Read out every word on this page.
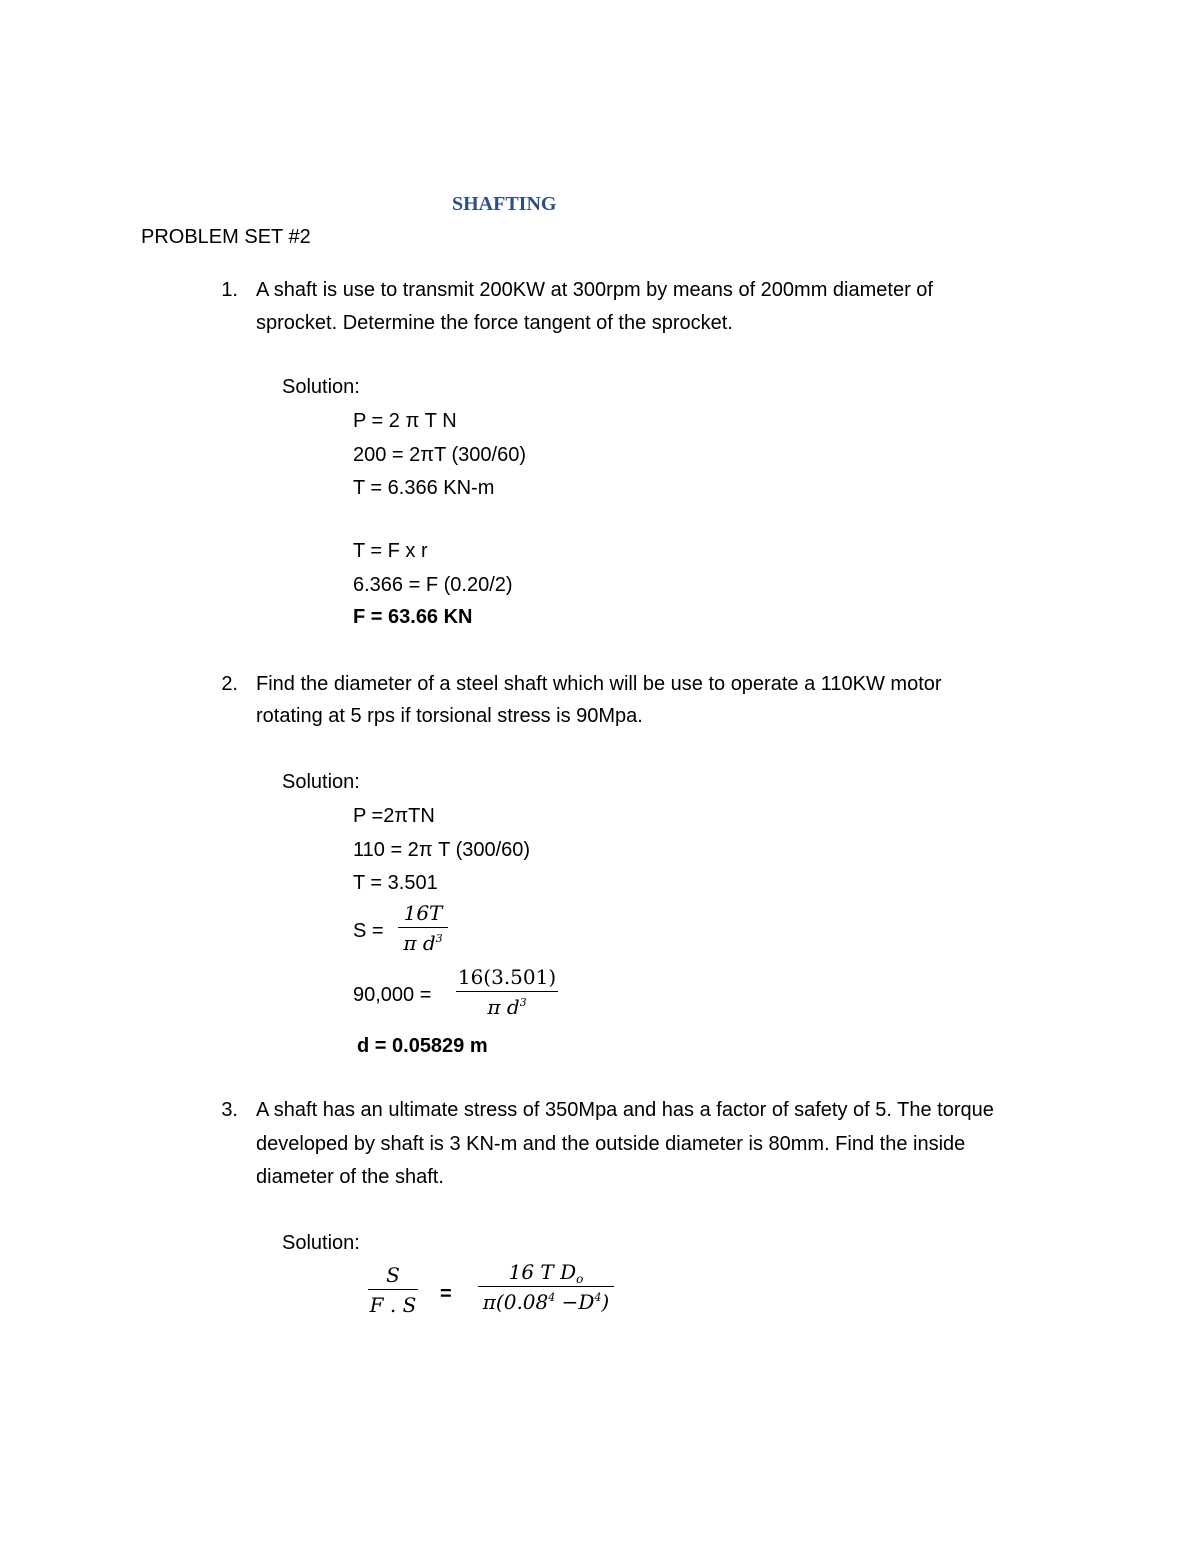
SHAFTING
PROBLEM SET #2
1. A shaft is use to transmit 200KW at 300rpm by means of 200mm diameter of
sprocket. Determine the force tangent of the sprocket.
Solution:
P = 2 π T N
200 = 2πT (300/60)
T = 6.366 KN-m
T = F x r
6.366 = F (0.20/2)
F = 63.66 KN
2. Find the diameter of a steel shaft which will be use to operate a 110KW motor
rotating at 5 rps if torsional stress is 90Mpa.
Solution:
P =2πTN
110 = 2π T (300/60)
T = 3.501
S =
16T
π $d^3$
90,000 =
16(3.501)
π $d^3$
d = 0.05829 m
3. A shaft has an ultimate stress of 350Mpa and has a factor of safety of 5. The torque
developed by shaft is 3 KN-m and the outside diameter is 80mm. Find the inside
diameter of the shaft.
Solution:
S
F . S =
16 T $D_o$
$\pi(0.08^4 -D^4)$
